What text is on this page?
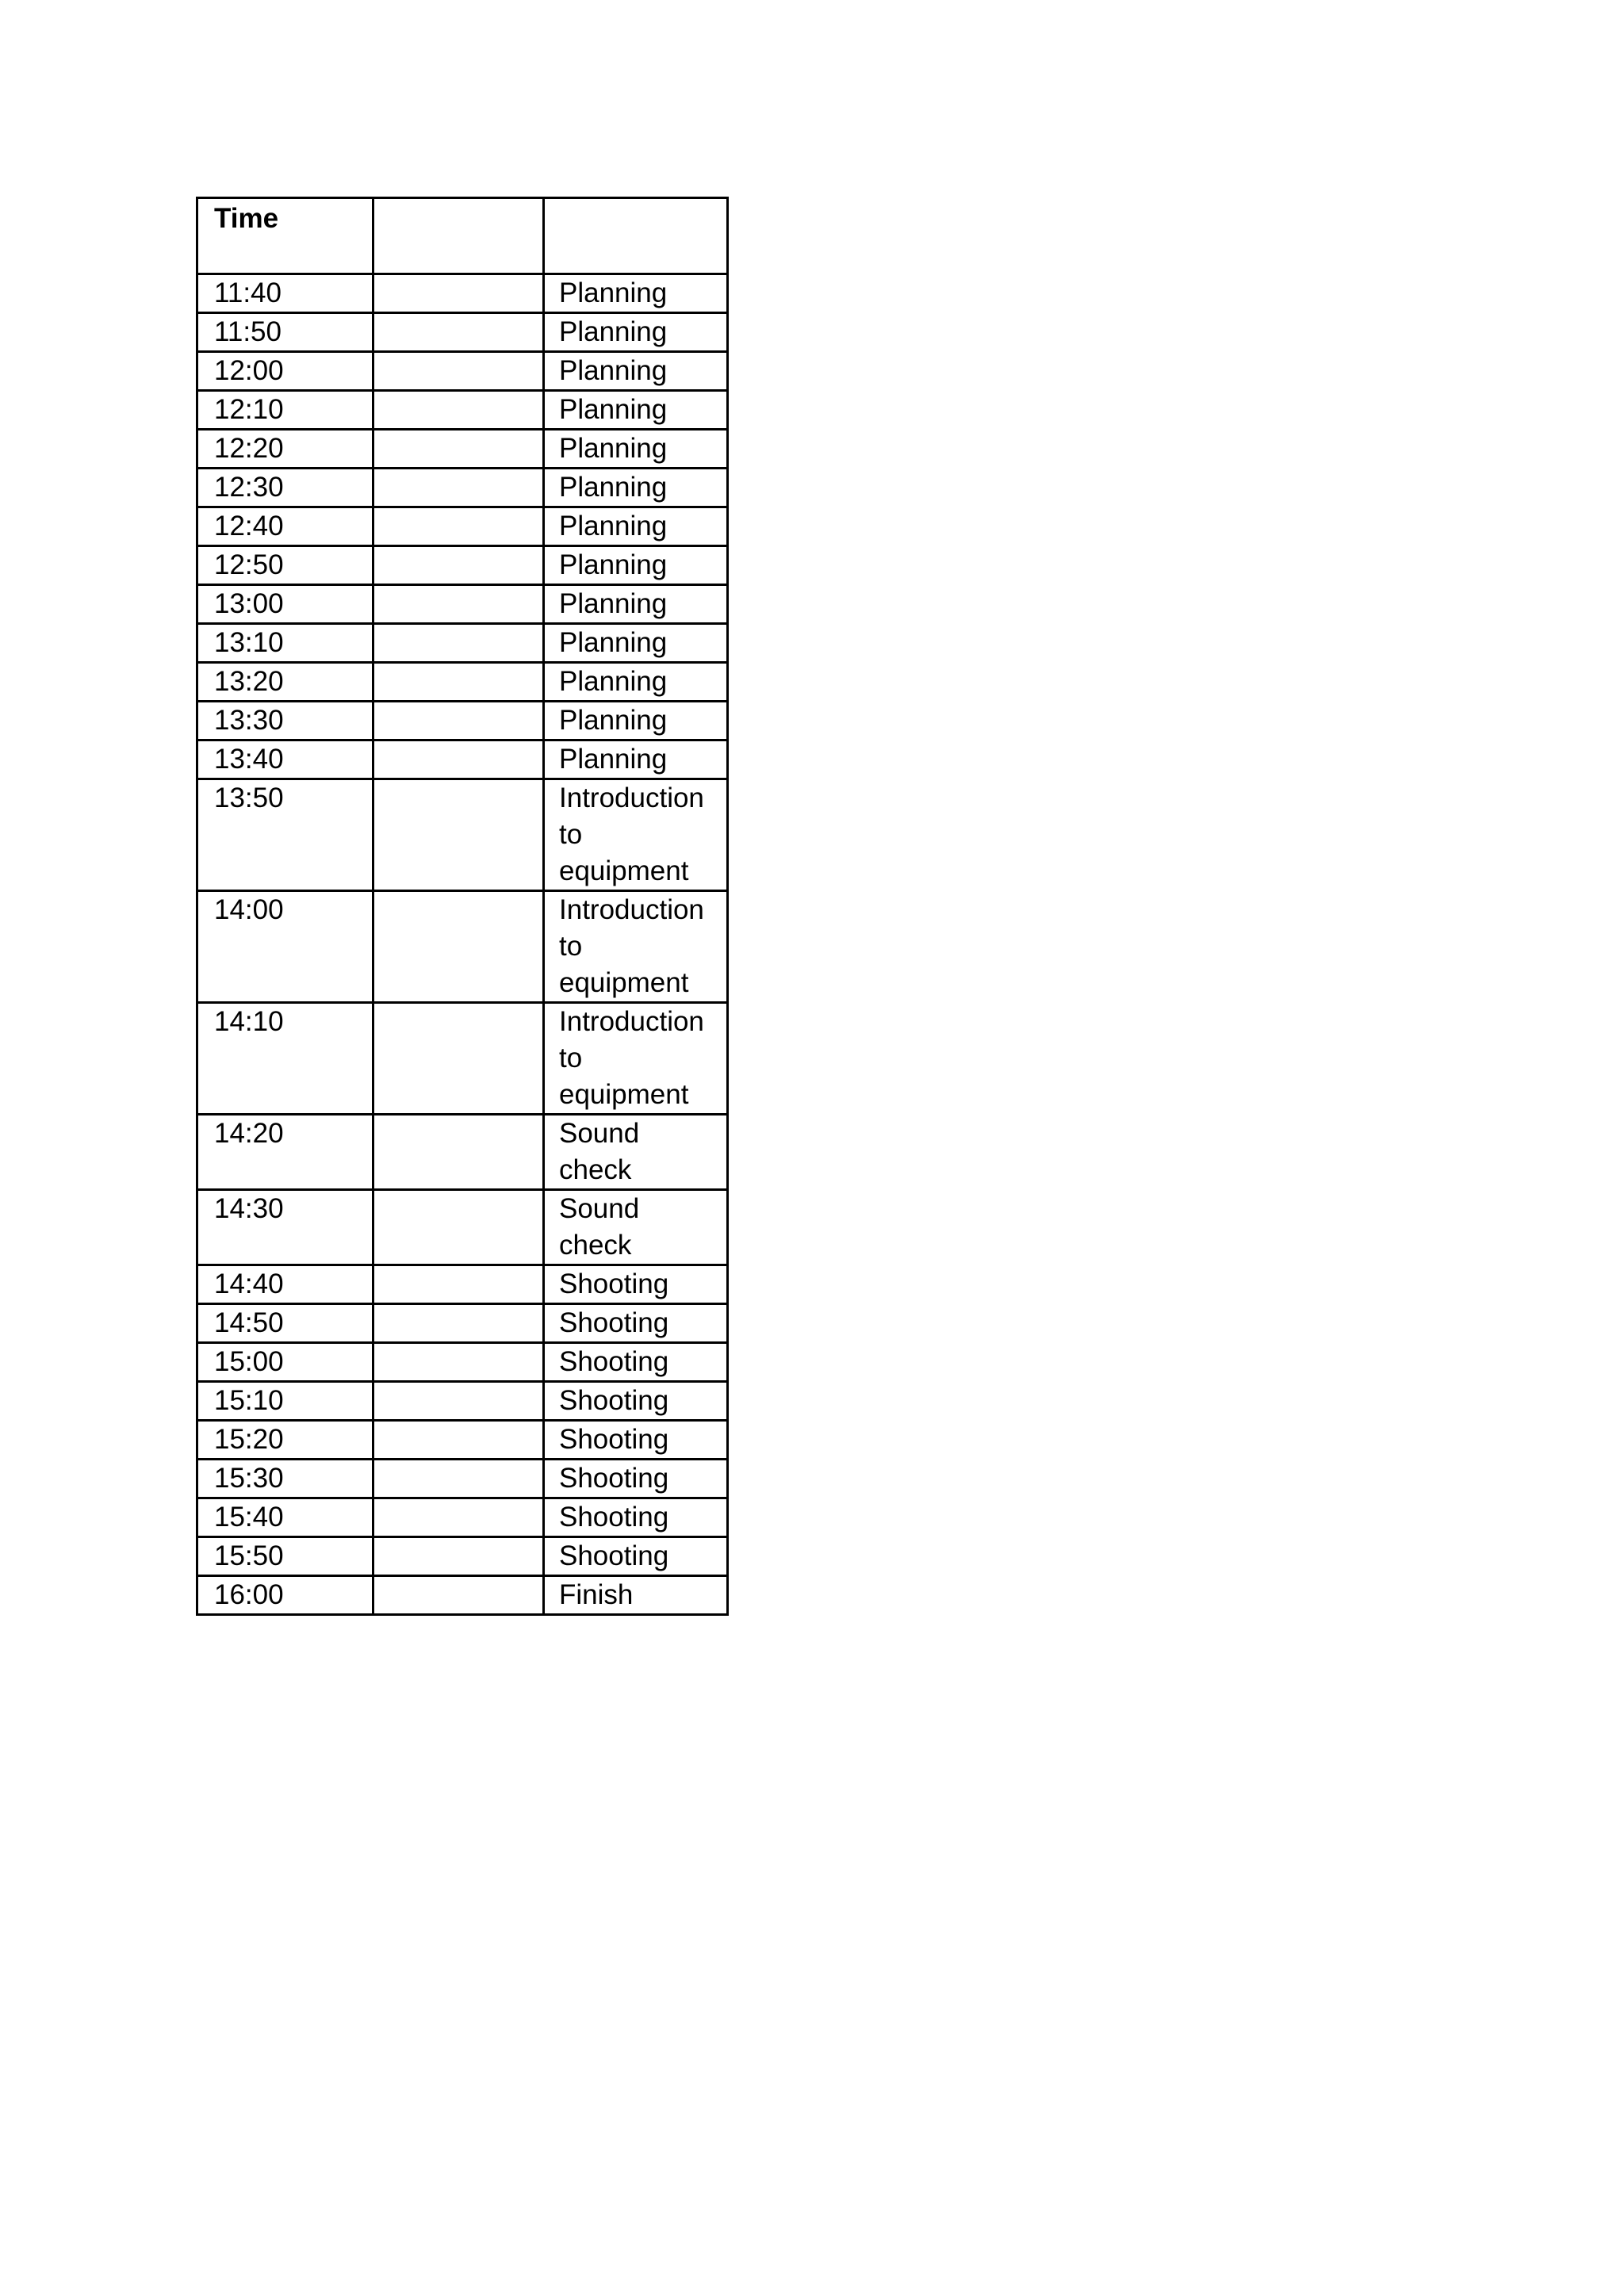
Time		
11:40		Planning
11:50		Planning
12:00		Planning
12:10		Planning
12:20		Planning
12:30		Planning
12:40		Planning
12:50		Planning
13:00		Planning
13:10		Planning
13:20		Planning
13:30		Planning
13:40		Planning
13:50		Introduction to equipment
14:00		Introduction to equipment
14:10		Introduction to equipment
14:20		Sound check
14:30		Sound check
14:40		Shooting
14:50		Shooting
15:00		Shooting
15:10		Shooting
15:20		Shooting
15:30		Shooting
15:40		Shooting
15:50		Shooting
16:00		Finish
